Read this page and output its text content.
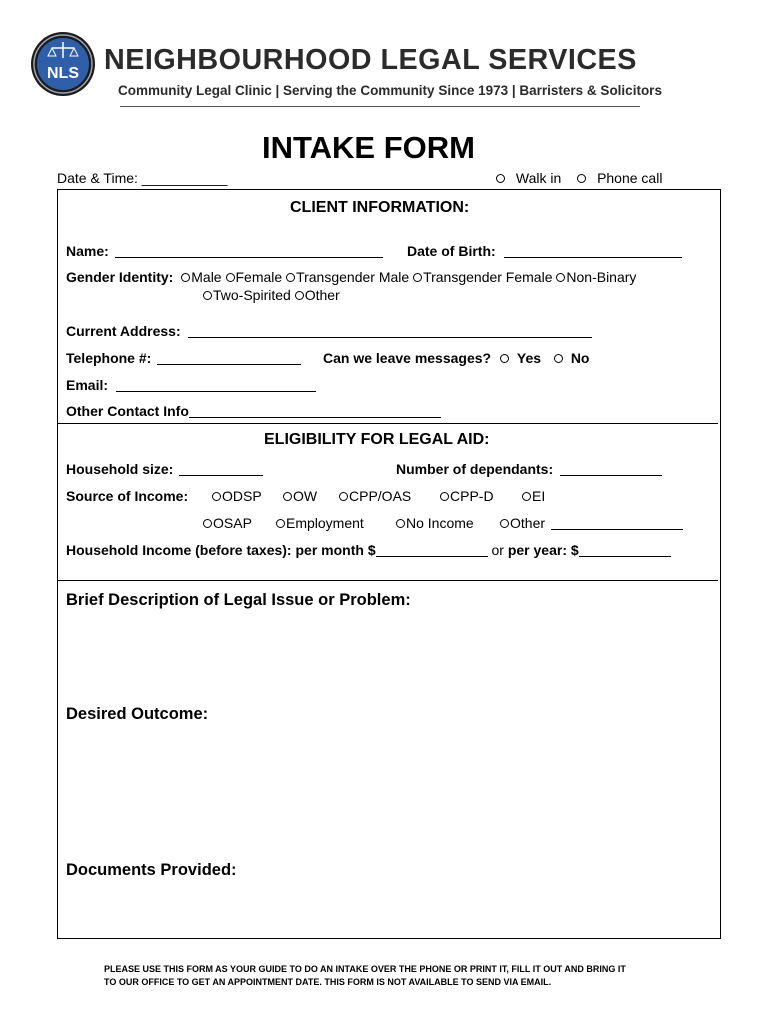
NLS NEIGHBOURHOOD LEGAL SERVICES
Community Legal Clinic | Serving the Community Since 1973 | Barristers & Solicitors
INTAKE FORM
Date & Time: ___________	Walk in	Phone call
CLIENT INFORMATION:
Name:	Date of Birth:
Gender Identity: Male Female Transgender Male Transgender Female Non-Binary
Two-Spirited Other
Current Address:
Telephone #:	Can we leave messages? Yes No
Email:
Other Contact Info
ELIGIBILITY FOR LEGAL AID:
Household size:	Number of dependants:
Source of Income:	ODSP	OW	CPP/OAS	CPP-D	EI
OSAP	Employment	No Income	Other
Household Income (before taxes): per month $	or per year: $
Brief Description of Legal Issue or Problem:
Desired Outcome:
Documents Provided:
PLEASE USE THIS FORM AS YOUR GUIDE TO DO AN INTAKE OVER THE PHONE OR PRINT IT, FILL IT OUT AND BRING IT
TO OUR OFFICE TO GET AN APPOINTMENT DATE. THIS FORM IS NOT AVAILABLE TO SEND VIA EMAIL.
